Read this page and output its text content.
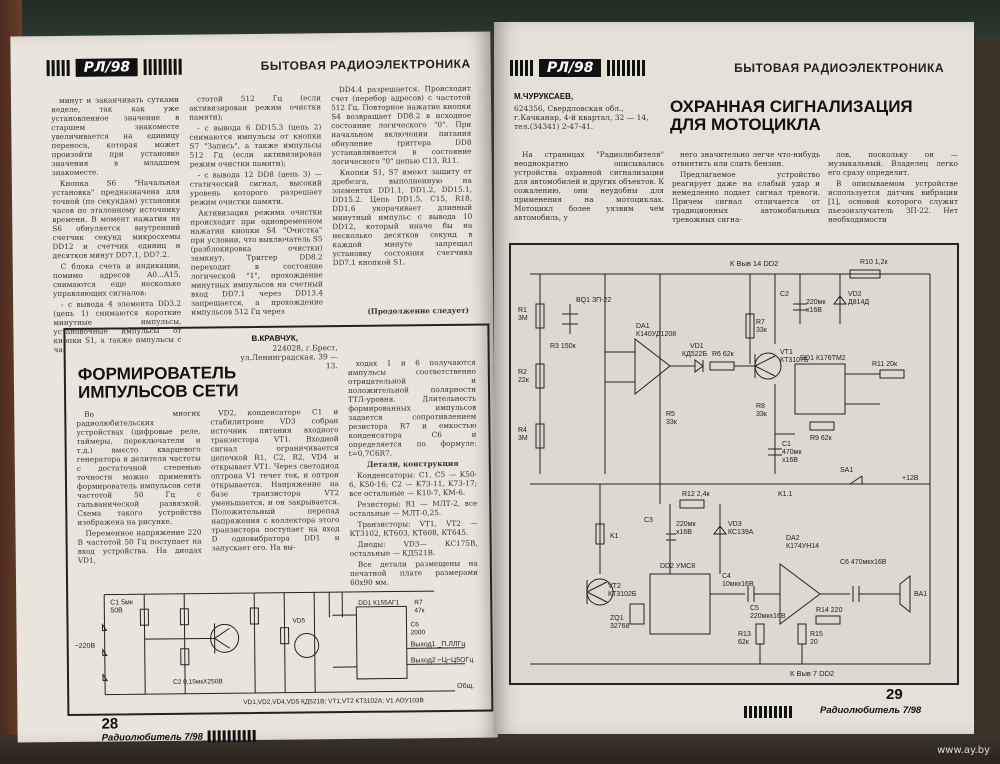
РЛ/98	БЫТОВАЯ РАДИОЭЛЕКТРОНИКА

минут и заканчивать сутками неделе, так как уже установленное значение в старшем знакоместе увеличивается на единицу переноса, которая может произойти при установке значения в младшем знакоместе.

Кнопка S6 "Начальная установка" предназначена для точной (по секундам) установки часов по эталонному источнику времени. В момент нажатия на S6 обнуляется внутренний счетчик секунд микросхемы DD12 и счетчик единиц и десятков минут DD7.1, DD7.2.

С блока счета и индикации, помимо адресов A0...A15, снимаются еще несколько управляющих сигналов:

- с вывода 4 элемента DD3.2 (цепь 1) снимаются короткие минутные импульсы, установочные импульсы от кнопки S1, а также импульсы с ча-

стотой 512 Гц (если активизирован режим очистки памяти);

- с вывода 6 DD15.3 (цепь 2) снимаются импульсы от кнопки S7 "Запись", а также импульсы 512 Гц (если активизирован режим очистки памяти);

- с вывода 12 DD8 (цепь 3) — статический сигнал, высокий уровень которого разрешает режим очистки памяти.

Активизация режима очистки происходит при одновременном нажатии кнопки S4 "Очистка" при условии, что выключатель S5 (разблокировка очистки) замкнут. Триггер DD8.2 переходит в состояние логической "1", прохождение минутных импульсов на счетный вход DD7.1 через DD13.4 запрещается, а прохождение импульсов 512 Гц через

DD4.4 разрешается. Происходит счет (перебор адресов) с частотой 512 Гц. Повторное нажатие кнопки S4 возвращает DD8.2 в исходное состояние логического "0". При начальном включении питания обнуление триггера DD8 устанавливается в состояние логического "0" цепью C13, R11.

Кнопки S1, S7 имеют защиту от дребезга, выполненную на элементах DD1.1, DD1.2, DD15.1, DD15.2. Цепь DD1.5, C15, R18, DD1.6 укорачивает длинный минутный импульс с вывода 10 DD12, который иначе бы на несколько десятков секунд в каждой минуте запрещал установку состояния счетчика DD7.1 кнопкой S1.

(Продолжение следует)
В.КРАВЧУК,
224028, г.Брест, ул.Ленинградская, 39 — 13.
ФОРМИРОВАТЕЛЬ
ИМПУЛЬСОВ СЕТИ

Во многих радиолюбительских устройствах (цифровые реле, таймеры, переключатели и т.д.) вместо кварцевого генератора и делителя частоты с достаточной степенью точности можно применить формирователь импульсов сети частотой 50 Гц с гальванической развязкой. Схема такого устройства изображена на рисунке.

Переменное напряжение 220 В частотой 50 Гц поступает на вход устройства. На диодах VD1,

VD2, конденсаторе C1 и стабилитроне VD3 собран источник питания входного транзистора VT1. Входной сигнал ограничивается цепочкой R1, C2, R2, VD4 и открывает VT1. Через светодиод оптрона V1 течет ток, и оптрон открывается. Напряжение на базе транзистора VT2 уменьшается, и он закрывается. Положительный перепад напряжения с коллектора этого транзистора поступает на вход D одновибратора DD1 и запускает его. На вы-

ходах 1 и 6 получаются импульсы соответственно отрицательной и положительной полярности ТТЛ-уровня. Длительность формированных импульсов задается сопротивлением резистора R7 и емкостью конденсатора C6 и определяется по формуле: t=0,7C6R7.

Детали, конструкция

Конденсаторы: C1, C5 — K50-6, K50-16; C2 — K73-11, K73-17; все остальные — K10-7, KM-6.

Резисторы: R1 — МЛТ-2, все остальные — МЛТ-0,25.

Транзисторы: VT1, VT2 — КТ3102, КТ603, КТ608, КТ645.

Диоды: VD3— КС175В, остальные — КД521В.

Все детали размещены на печатной плате размерами 60х90 мм.

C1 5мк
50В
~220В
C2 0,15мкХ250В
VD5
DD1 К155АГ1 R7
47к
C6
2000
Выход1 _П.ЛЛГц
Выход2 ⌐Ц⌐Ц5ОГц
Общ.
VD1,VD2,VD4,VD5 КД521В; VT1,VT2 КТ3102А; V1 АОУ103В
28
Радиолюбитель 7/98
РЛ/98	БЫТОВАЯ РАДИОЭЛЕКТРОНИКА
М.ЧУРУКСАЕВ,
624356, Свердловская обл.,
г.Качканар, 4-й квартал, 32 — 14,
тел.(34341) 2-47-41.
ОХРАННАЯ СИГНАЛИЗАЦИЯ
ДЛЯ МОТОЦИКЛА

На страницах "Радиолюбителя" неоднократно описывались устройства охранной сигнализации для автомобилей и других объектов. К сожалению, они неудобны для применения на мотоциклах. Мотоцикл более уязвим чем автомобиль, у

него значительно легче что-нибудь отвинтить или слить бензин.

Предлагаемое устройство реагирует даже на слабый удар и немедленно подает сигнал тревоги. Причем сигнал отличается от традиционных автомобильных тревожных сигна-

лов, поскольку он — музыкальный. Владелец легко его сразу определит.

В описываемом устройстве используется датчик вибрации [1], основой которого служит пьезоизлучатель ЗП-22. Нет необходимости

К Выв 14 DD2
К Выв 7 DD2
R1
3М
BQ1 ЗП-22
R3 150к
R2
22к
R4
3М
DA1
К140УД1208
VD1
КД522Б R6 62к
R5
33к
R7
33к
C2
220мк
х16В
VD2
Д814Д
R10 1,2к
VT1
КТ3107Б
DD1 К176ТМ2
R8
33к
R9 62к
R11 20к
C1
470мк
х16В
SA1
+12В
R12 2,4к	K1.1
K1
C3
220мк
х16В
VD3
КС139А
DA2
К174УН14
C6 470мкх16В
VT2
КТ3102Б
DD2 УМС8
C4
10мкх16В
ZQ1
32768
C5
220мкх16В
R14 220
R13
62к
R15
20
BA1
29
Радиолюбитель 7/98
www.ay.by
